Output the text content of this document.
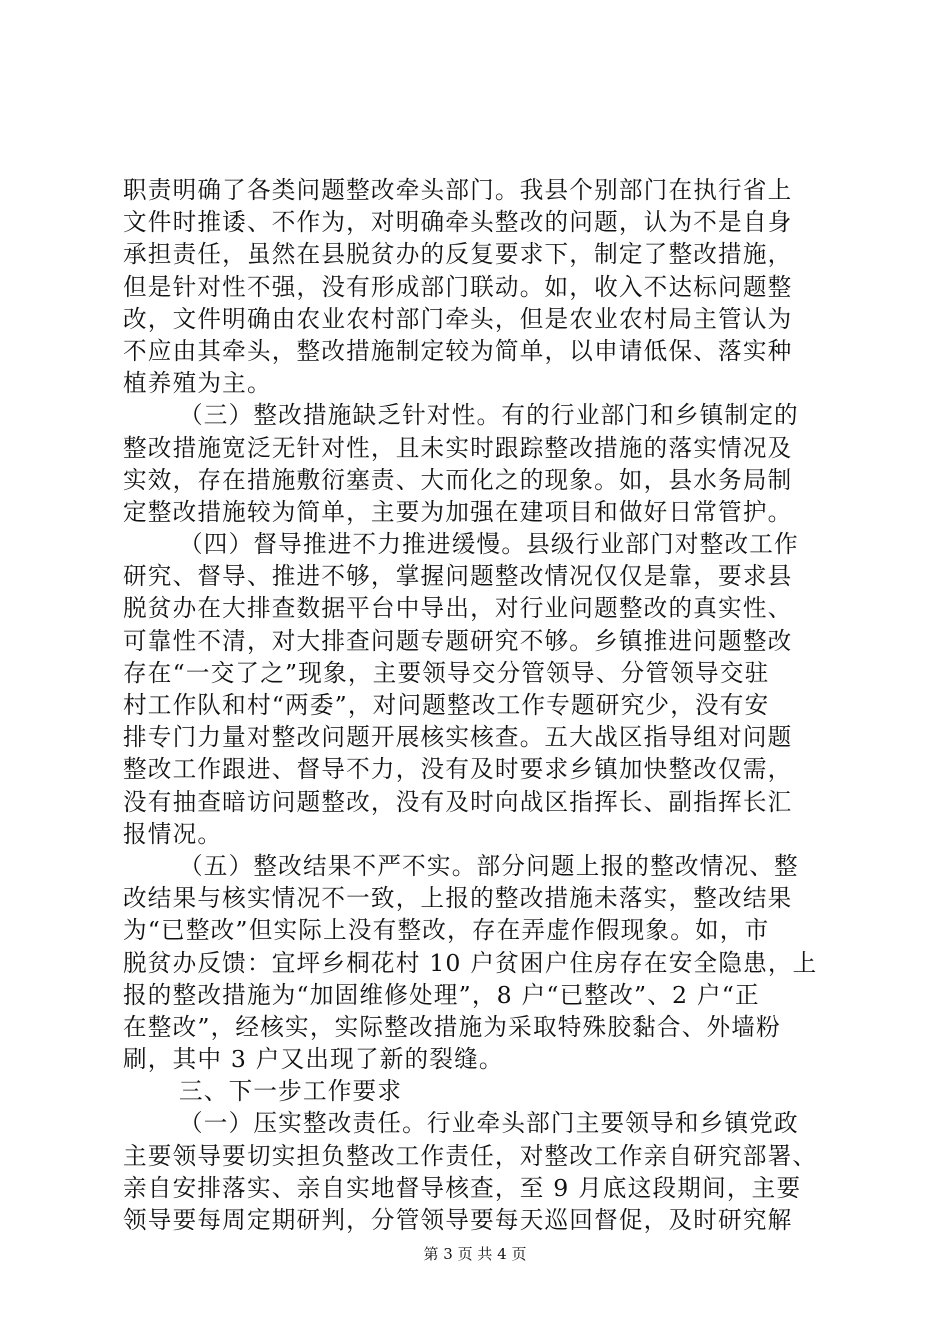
职责明确了各类问题整改牵头部门。我县个别部门在执行省上
文件时推诿、不作为，对明确牵头整改的问题，认为不是自身
承担责任，虽然在县脱贫办的反复要求下，制定了整改措施，
但是针对性不强，没有形成部门联动。如，收入不达标问题整
改，文件明确由农业农村部门牵头，但是农业农村局主管认为
不应由其牵头，整改措施制定较为简单，以申请低保、落实种
植养殖为主。
（三）整改措施缺乏针对性。有的行业部门和乡镇制定的
整改措施宽泛无针对性，且未实时跟踪整改措施的落实情况及
实效，存在措施敷衍塞责、大而化之的现象。如，县水务局制
定整改措施较为简单，主要为加强在建项目和做好日常管护。
（四）督导推进不力推进缓慢。县级行业部门对整改工作
研究、督导、推进不够，掌握问题整改情况仅仅是靠，要求县
脱贫办在大排查数据平台中导出，对行业问题整改的真实性、
可靠性不清，对大排查问题专题研究不够。乡镇推进问题整改
存在“一交了之”现象，主要领导交分管领导、分管领导交驻
村工作队和村“两委”，对问题整改工作专题研究少，没有安
排专门力量对整改问题开展核实核查。五大战区指导组对问题
整改工作跟进、督导不力，没有及时要求乡镇加快整改仅需，
没有抽查暗访问题整改，没有及时向战区指挥长、副指挥长汇
报情况。
（五）整改结果不严不实。部分问题上报的整改情况、整
改结果与核实情况不一致，上报的整改措施未落实，整改结果
为“已整改”但实际上没有整改，存在弄虚作假现象。如，市
脱贫办反馈：宜坪乡桐花村 10 户贫困户住房存在安全隐患，上
报的整改措施为“加固维修处理”，8 户“已整改”、2 户“正
在整改”，经核实，实际整改措施为采取特殊胶黏合、外墙粉
刷，其中 3 户又出现了新的裂缝。
三、下一步工作要求
（一）压实整改责任。行业牵头部门主要领导和乡镇党政
主要领导要切实担负整改工作责任，对整改工作亲自研究部署、
亲自安排落实、亲自实地督导核查，至 9 月底这段期间，主要
领导要每周定期研判，分管领导要每天巡回督促，及时研究解
第 3 页 共 4 页
